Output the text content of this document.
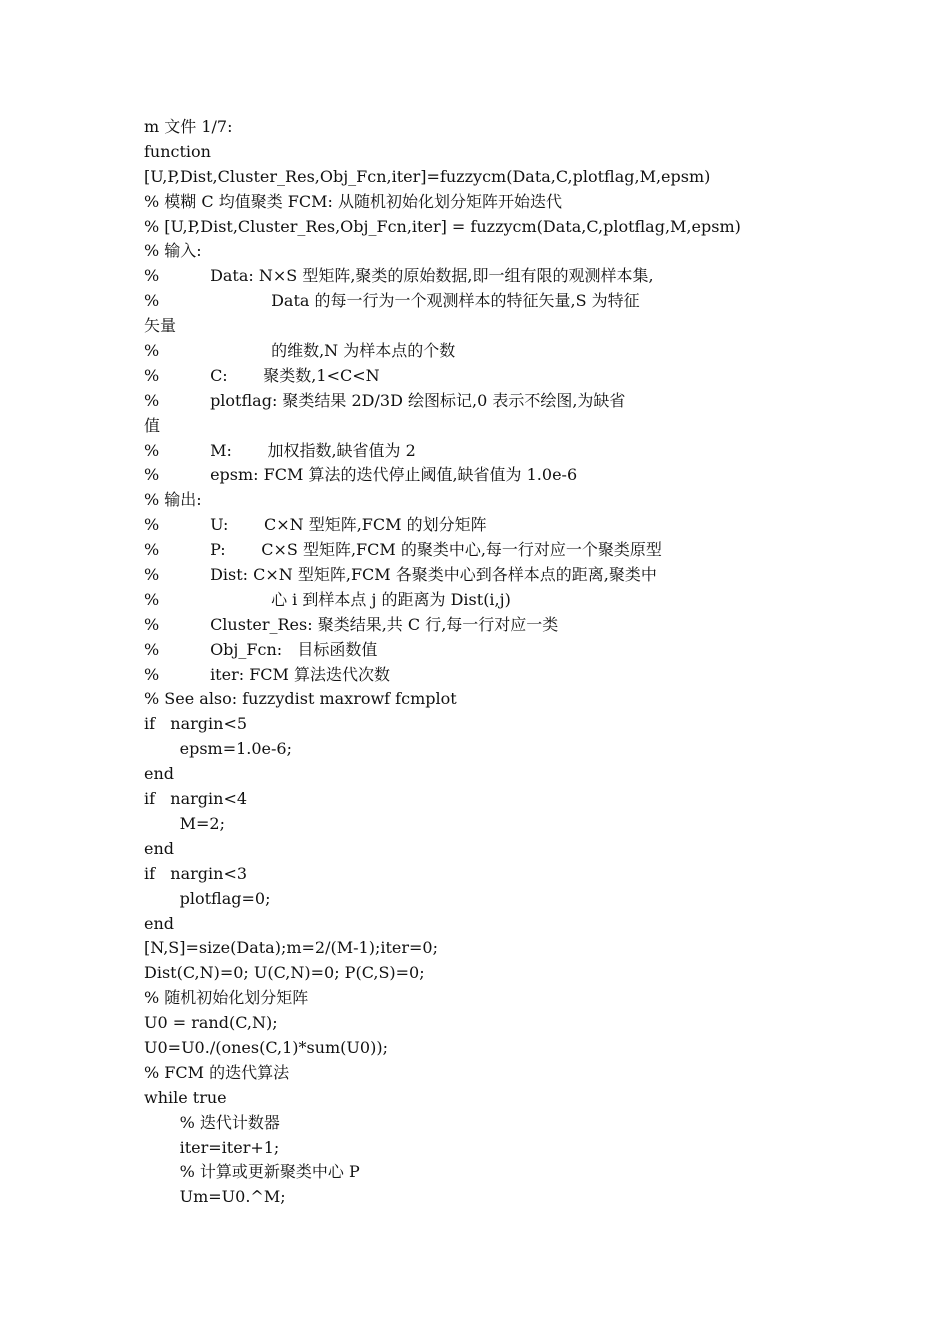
m 文件 1/7:
function
[U,P,Dist,Cluster_Res,Obj_Fcn,iter]=fuzzycm(Data,C,plotflag,M,epsm)
% 模糊 C 均值聚类 FCM: 从随机初始化划分矩阵开始迭代
% [U,P,Dist,Cluster_Res,Obj_Fcn,iter] = fuzzycm(Data,C,plotflag,M,epsm)
% 输入:
%          Data: N×S 型矩阵,聚类的原始数据,即一组有限的观测样本集,
%                      Data 的每一行为一个观测样本的特征矢量,S 为特征
矢量
%                      的维数,N 为样本点的个数
%          C:       聚类数,1<C<N
%          plotflag: 聚类结果 2D/3D 绘图标记,0 表示不绘图,为缺省
值
%          M:       加权指数,缺省值为 2
%          epsm: FCM 算法的迭代停止阈值,缺省值为 1.0e-6
% 输出:
%          U:       C×N 型矩阵,FCM 的划分矩阵
%          P:       C×S 型矩阵,FCM 的聚类中心,每一行对应一个聚类原型
%          Dist: C×N 型矩阵,FCM 各聚类中心到各样本点的距离,聚类中
%                      心 i 到样本点 j 的距离为 Dist(i,j)
%          Cluster_Res: 聚类结果,共 C 行,每一行对应一类
%          Obj_Fcn:   目标函数值
%          iter: FCM 算法迭代次数
% See also: fuzzydist maxrowf fcmplot
if   nargin<5
epsm=1.0e-6;
end
if   nargin<4
M=2;
end
if   nargin<3
plotflag=0;
end
[N,S]=size(Data);m=2/(M-1);iter=0;
Dist(C,N)=0; U(C,N)=0; P(C,S)=0;
% 随机初始化划分矩阵
U0 = rand(C,N);
U0=U0./(ones(C,1)*sum(U0));
% FCM 的迭代算法
while true
% 迭代计数器
iter=iter+1;
% 计算或更新聚类中心 P
Um=U0.^M;
